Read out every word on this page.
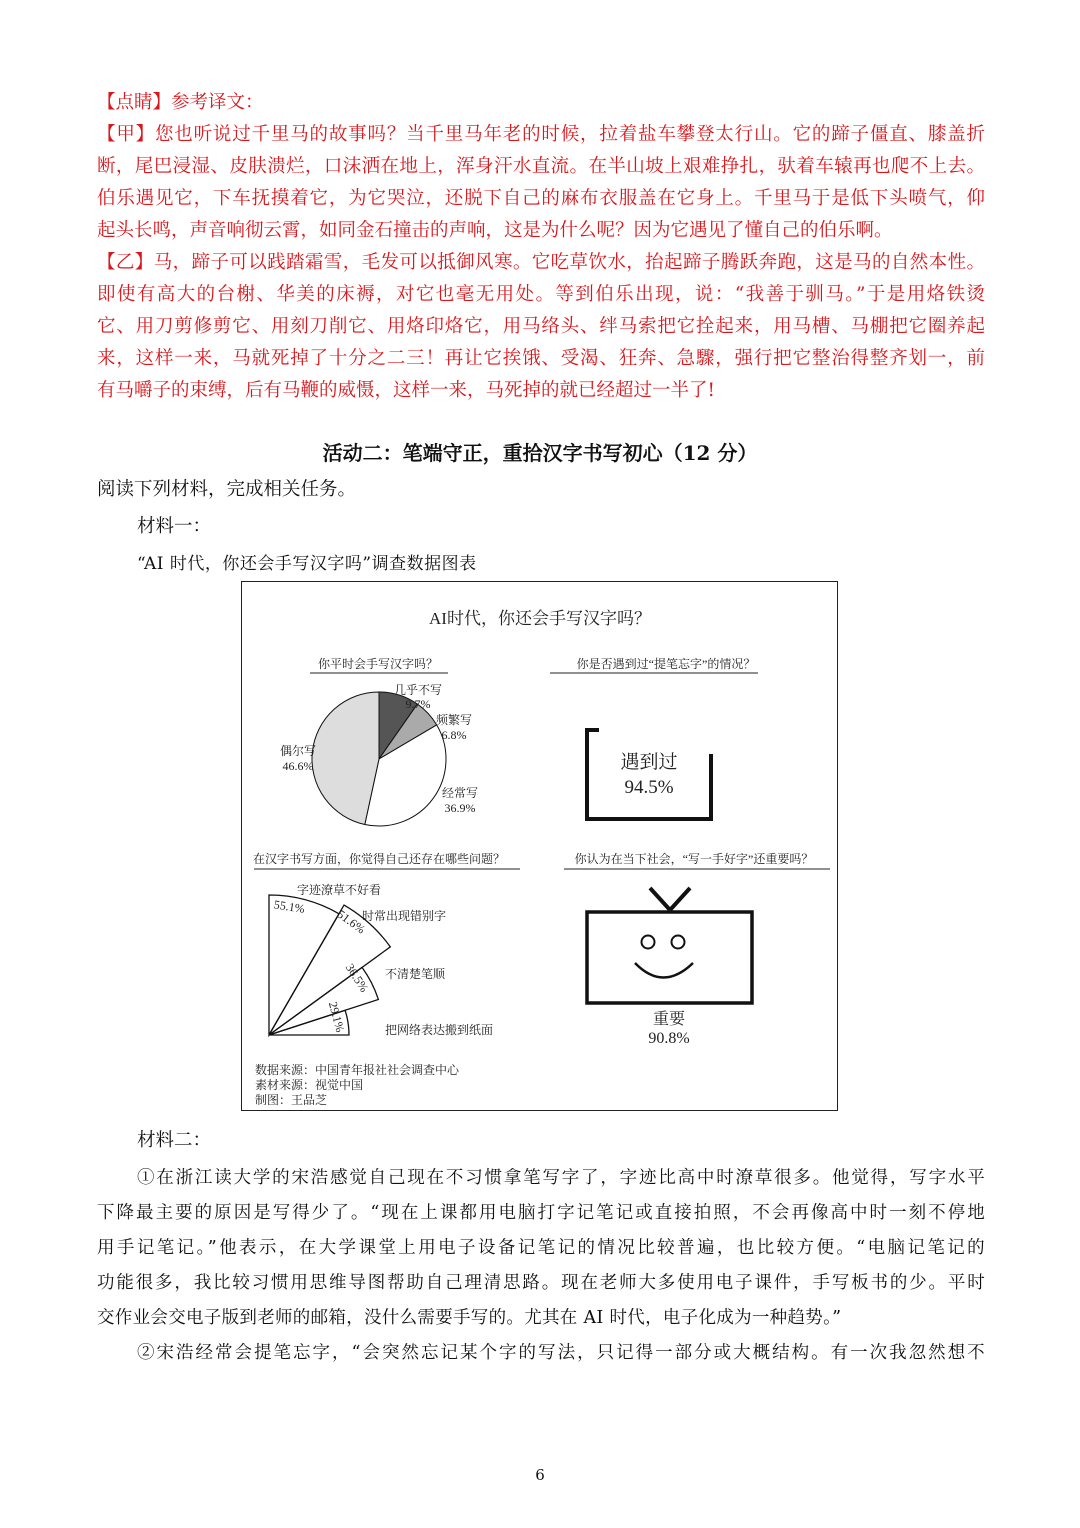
【点睛】参考译文：
【甲】您也听说过千里马的故事吗？当千里马年老的时候，拉着盐车攀登太行山。它的蹄子僵直、膝盖折
断，尾巴浸湿、皮肤溃烂，口沫洒在地上，浑身汗水直流。在半山坡上艰难挣扎，驮着车辕再也爬不上去。
伯乐遇见它，下车抚摸着它，为它哭泣，还脱下自己的麻布衣服盖在它身上。千里马于是低下头喷气，仰
起头长鸣，声音响彻云霄，如同金石撞击的声响，这是为什么呢？因为它遇见了懂自己的伯乐啊。
【乙】马，蹄子可以践踏霜雪，毛发可以抵御风寒。它吃草饮水，抬起蹄子腾跃奔跑，这是马的自然本性。
即使有高大的台榭、华美的床褥，对它也毫无用处。等到伯乐出现，说：“我善于驯马。”于是用烙铁烫
它、用刀剪修剪它、用刻刀削它、用烙印烙它，用马络头、绊马索把它拴起来，用马槽、马棚把它圈养起
来，这样一来，马就死掉了十分之二三！再让它挨饿、受渴、狂奔、急驟，强行把它整治得整齐划一，前
有马嚼子的束缚，后有马鞭的威慑，这样一来，马死掉的就已经超过一半了!
活动二：笔端守正，重拾汉字书写初心（12 分）
阅读下列材料，完成相关任务。
材料一：
“AI 时代，你还会手写汉字吗”调查数据图表
AI时代，你还会手写汉字吗？
你平时会手写汉字吗？
几乎不写
9.7%
频繁写
6.8%
偶尔写
46.6%
经常写
36.9%
你是否遇到过“提笔忘字”的情况？
遇到过
94.5%
在汉字书写方面，你觉得自己还存在哪些问题？
55.1%
51.6%
36.5%
29.1%
字迹潦草不好看
时常出现错别字
不清楚笔顺
把网络表达搬到纸面
你认为在当下社会，“写一手好字”还重要吗？
重要
90.8%
数据来源：中国青年报社社会调查中心
素材来源：视觉中国
制图：王品芝
材料二：
①在浙江读大学的宋浩感觉自己现在不习惯拿笔写字了，字迹比高中时潦草很多。他觉得，写字水平
下降最主要的原因是写得少了。“现在上课都用电脑打字记笔记或直接拍照，不会再像高中时一刻不停地
用手记笔记。”他表示，在大学课堂上用电子设备记笔记的情况比较普遍，也比较方便。“电脑记笔记的
功能很多，我比较习惯用思维导图帮助自己理清思路。现在老师大多使用电子课件，手写板书的少。平时
交作业会交电子版到老师的邮箱，没什么需要手写的。尤其在 AI 时代，电子化成为一种趋势。”
②宋浩经常会提笔忘字，“会突然忘记某个字的写法，只记得一部分或大概结构。有一次我忽然想不
6
